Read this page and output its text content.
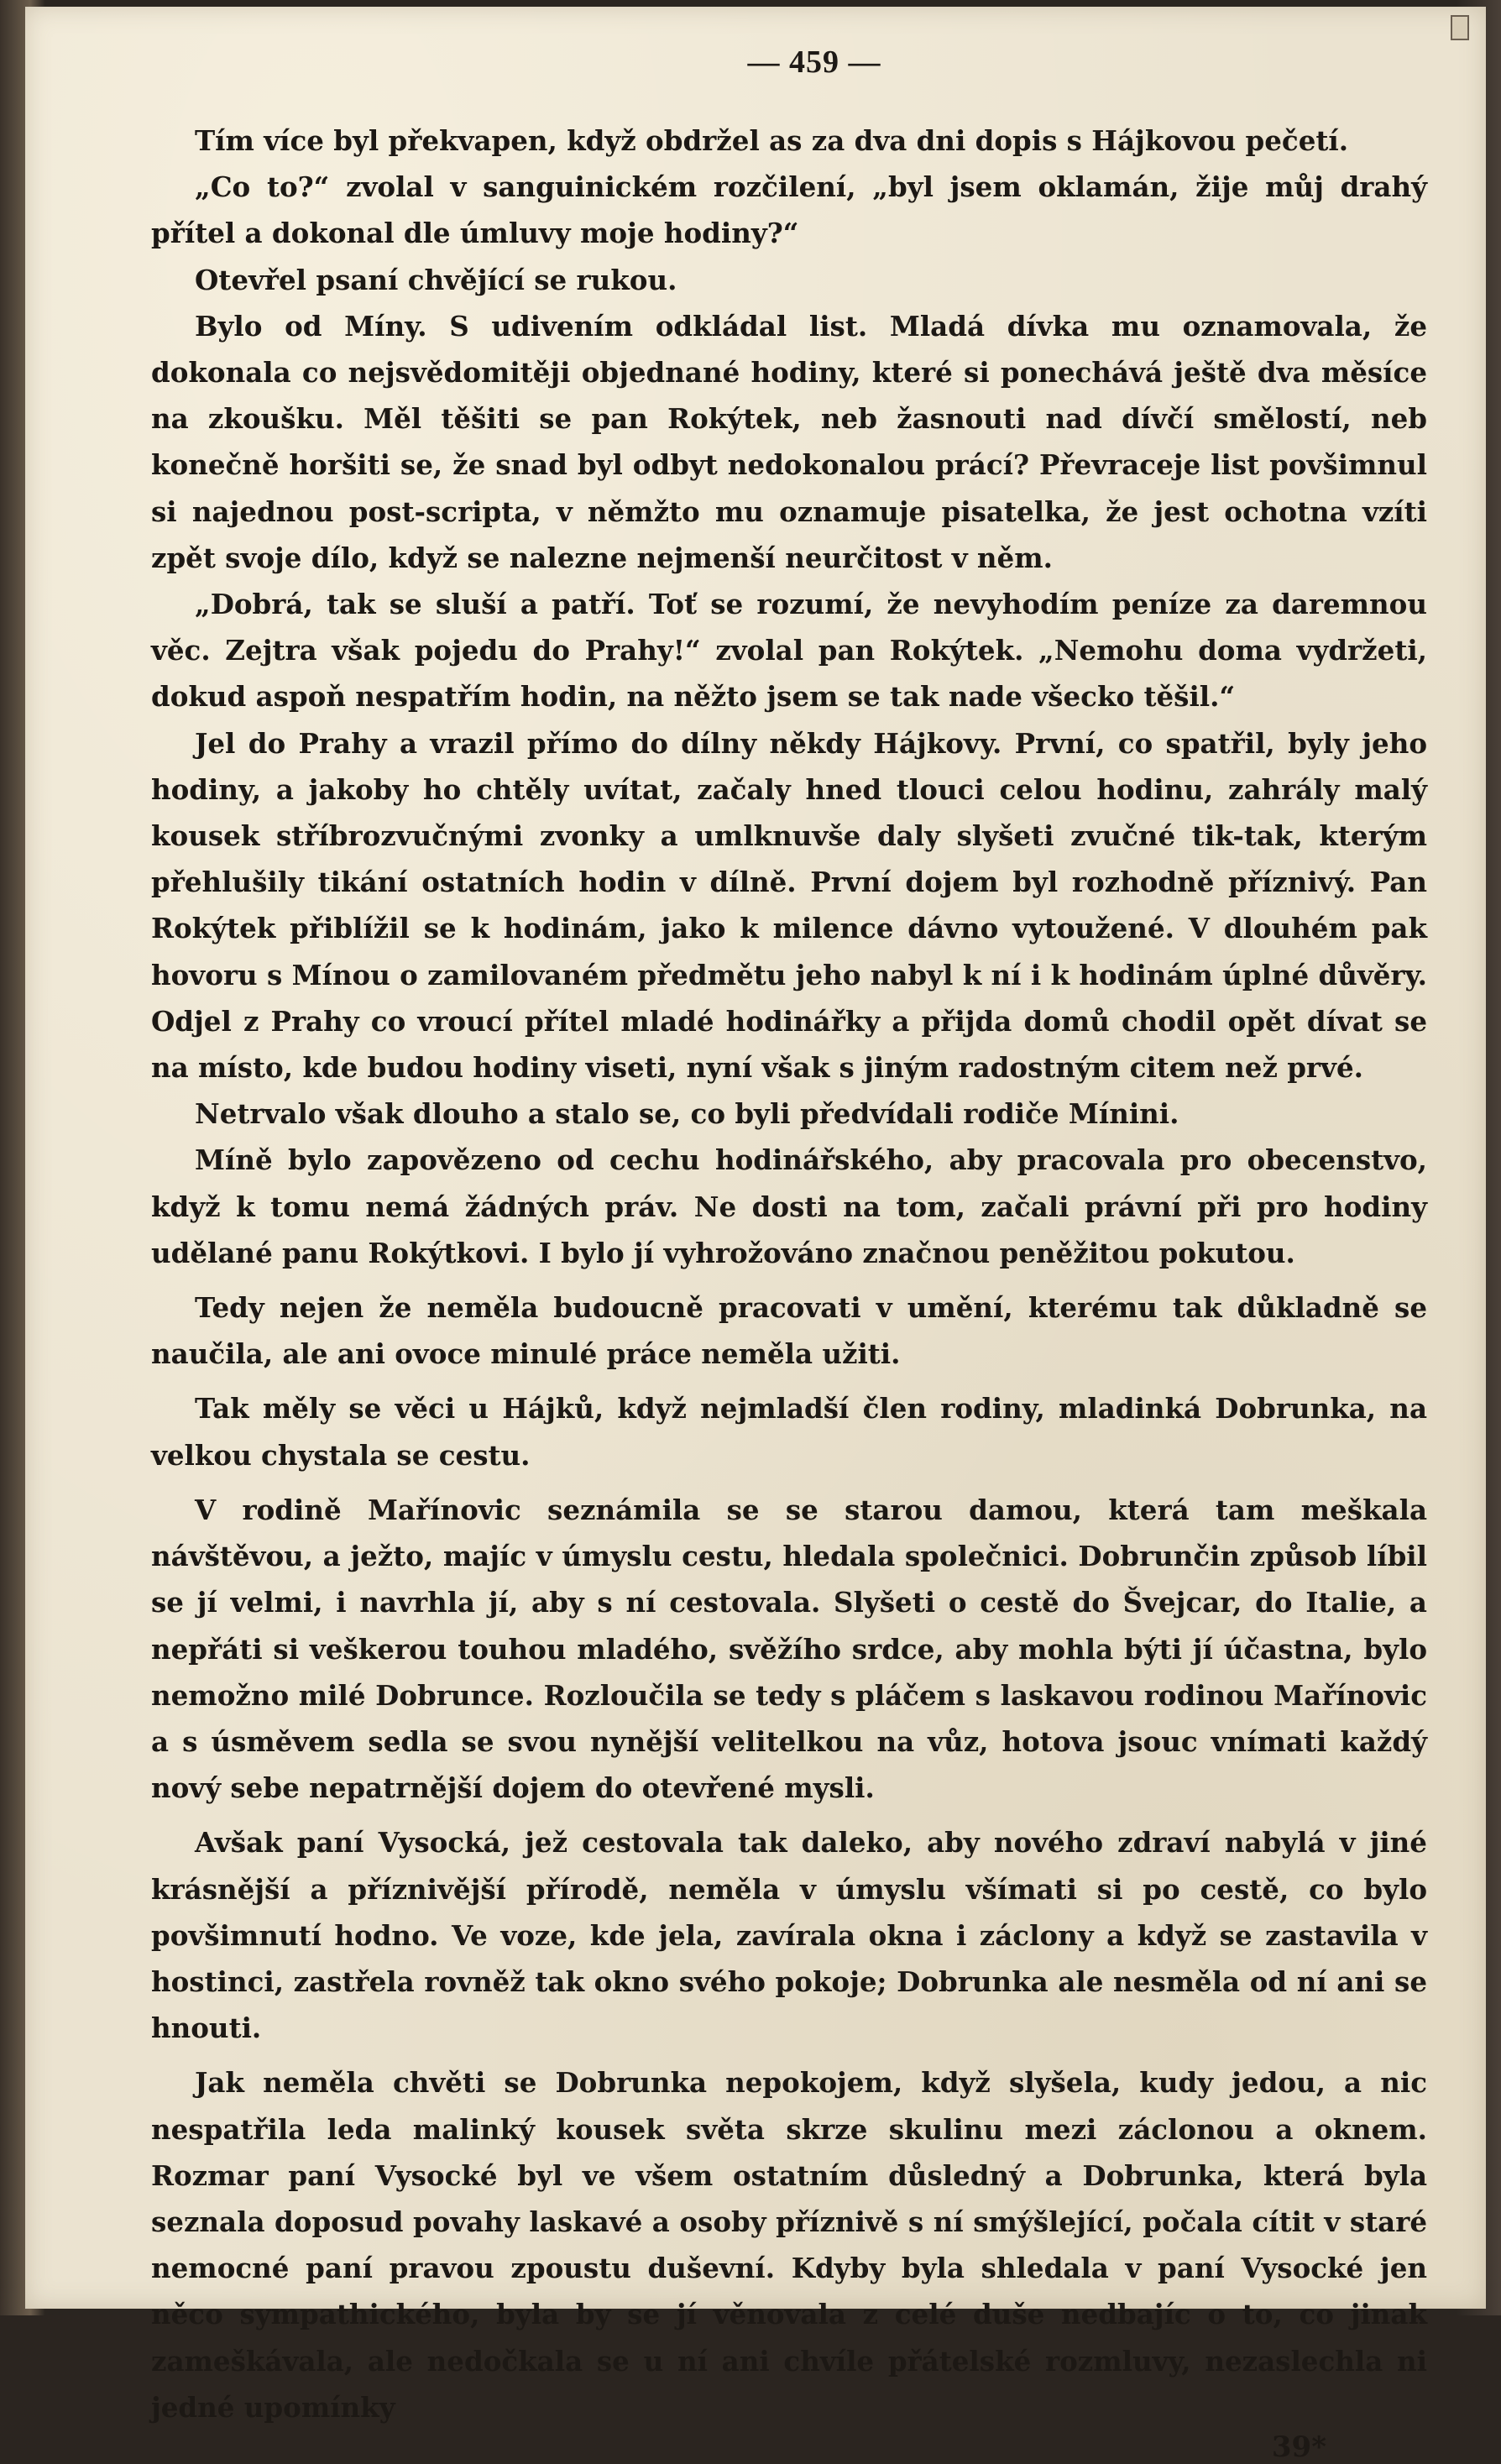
— 459 —

Tím více byl překvapen, když obdržel as za dva dni dopis s Hájkovou pečetí.

„Co to?“ zvolal v sanguinickém rozčilení, „byl jsem oklamán, žije můj drahý přítel a dokonal dle úmluvy moje hodiny?“

Otevřel psaní chvějící se rukou.

Bylo od Míny. S udivením odkládal list. Mladá dívka mu oznamovala, že dokonala co nejsvědomitěji objednané hodiny, které si ponechává ještě dva měsíce na zkoušku. Měl těšiti se pan Rokýtek, neb žasnouti nad dívčí smělostí, neb konečně horšiti se, že snad byl odbyt nedokonalou prácí? Převraceje list povšimnul si najednou post-scripta, v němžto mu oznamuje pisatelka, že jest ochotna vzíti zpět svoje dílo, když se nalezne nejmenší neurčitost v něm.

„Dobrá, tak se sluší a patří. Toť se rozumí, že nevyhodím peníze za daremnou věc. Zejtra však pojedu do Prahy!“ zvolal pan Rokýtek. „Nemohu doma vydržeti, dokud aspoň nespatřím hodin, na něžto jsem se tak nade všecko těšil.“

Jel do Prahy a vrazil přímo do dílny někdy Hájkovy. První, co spatřil, byly jeho hodiny, a jakoby ho chtěly uvítat, začaly hned tlouci celou hodinu, zahrály malý kousek stříbrozvučnými zvonky a umlknuvše daly slyšeti zvučné tik-tak, kterým přehlušily tikání ostatních hodin v dílně. První dojem byl rozhodně příznivý. Pan Rokýtek přiblížil se k hodinám, jako k milence dávno vytoužené. V dlouhém pak hovoru s Mínou o zamilovaném předmětu jeho nabyl k ní i k hodinám úplné důvěry. Odjel z Prahy co vroucí přítel mladé hodinářky a přijda domů chodil opět dívat se na místo, kde budou hodiny viseti, nyní však s jiným radostným citem než prvé.

Netrvalo však dlouho a stalo se, co byli předvídali rodiče Mínini.

Míně bylo zapovězeno od cechu hodinářského, aby pracovala pro obecenstvo, když k tomu nemá žádných práv. Ne dosti na tom, začali právní při pro hodiny udělané panu Rokýtkovi. I bylo jí vyhrožováno značnou peněžitou pokutou.

Tedy nejen že neměla budoucně pracovati v umění, kterému tak důkladně se naučila, ale ani ovoce minulé práce neměla užiti.

Tak měly se věci u Hájků, když nejmladší člen rodiny, mladinká Dobrunka, na velkou chystala se cestu.

V rodině Mařínovic seznámila se se starou damou, která tam meškala návštěvou, a ježto, majíc v úmyslu cestu, hledala společnici. Dobrunčin způsob líbil se jí velmi, i navrhla jí, aby s ní cestovala. Slyšeti o cestě do Švejcar, do Italie, a nepřáti si veškerou touhou mladého, svěžího srdce, aby mohla býti jí účastna, bylo nemožno milé Dobrunce. Rozloučila se tedy s pláčem s laskavou rodinou Mařínovic a s úsměvem sedla se svou nynější velitelkou na vůz, hotova jsouc vnímati každý nový sebe nepatrnější dojem do otevřené mysli.

Avšak paní Vysocká, jež cestovala tak daleko, aby nového zdraví nabylá v jiné krásnější a příznivější přírodě, neměla v úmyslu všímati si po cestě, co bylo povšimnutí hodno. Ve voze, kde jela, zavírala okna i záclony a když se zastavila v hostinci, zastřela rovněž tak okno svého pokoje; Dobrunka ale nesměla od ní ani se hnouti.

Jak neměla chvěti se Dobrunka nepokojem, když slyšela, kudy jedou, a nic nespatřila leda malinký kousek světa skrze skulinu mezi záclonou a oknem. Rozmar paní Vysocké byl ve všem ostatním důsledný a Dobrunka, která byla seznala doposud povahy laskavé a osoby příznivě s ní smýšlející, počala cítit v staré nemocné paní pravou zpoustu duševní. Kdyby byla shledala v paní Vysocké jen něco sympathického, byla by se jí věnovala z celé duše nedbajíc o to, co jinak zameškávala, ale nedočkala se u ní ani chvíle přátelské rozmluvy, nezaslechla ni jedné upomínky

39*
